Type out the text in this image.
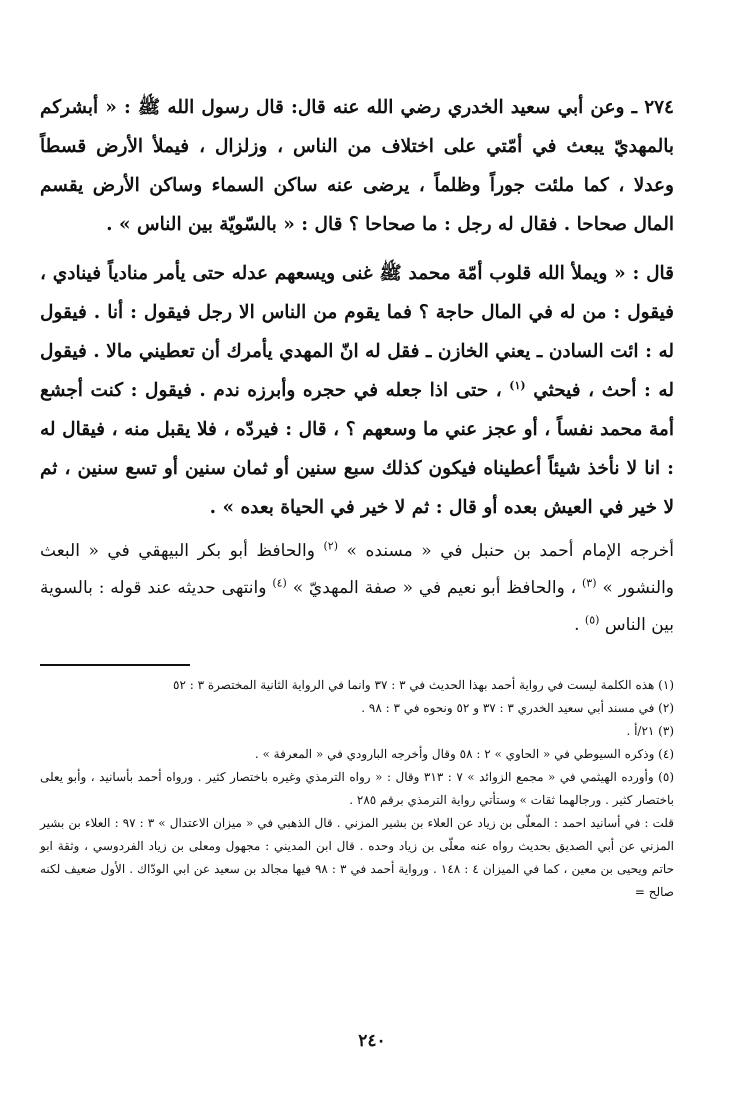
٢٧٤ ـ وعن أبي سعيد الخدري رضي الله عنه قال: قال رسول الله ﷺ : « أبشركم بالمهديّ يبعث في أمّتي على اختلاف من الناس ، وزلزال ، فيملأ الأرض قسطاً وعدلا ، كما ملئت جوراً وظلماً ، يرضى عنه ساكن السماء وساكن الأرض يقسم المال صحاحا . فقال له رجل : ما صحاحا ؟ قال : « بالسّويّة بين الناس » .

قال : « ويملأ الله قلوب أمّة محمد ﷺ غنى ويسعهم عدله حتى يأمر منادياً فينادي ، فيقول : من له في المال حاجة ؟ فما يقوم من الناس الا رجل فيقول : أنا . فيقول له : ائت السادن ـ يعني الخازن ـ فقل له انّ المهدي يأمرك أن تعطيني مالا . فيقول له : أحث ، فيحثي $^{(١)}$ ، حتى اذا جعله في حجره وأبرزه ندم . فيقول : كنت أجشع أمة محمد نفساً ، أو عجز عني ما وسعهم ؟ ، قال : فيردّه ، فلا يقبل منه ، فيقال له : انا لا نأخذ شيئاً أعطيناه فيكون كذلك سبع سنين أو ثمان سنين أو تسع سنين ، ثم لا خير في العيش بعده أو قال : ثم لا خير في الحياة بعده » .

أخرجه الإمام أحمد بن حنبل في « مسنده » $^{(٢)}$ والحافظ أبو بكر البيهقي في « البعث والنشور » $^{(٣)}$ ، والحافظ أبو نعيم في « صفة المهديّ » $^{(٤)}$ وانتهى حديثه عند قوله : بالسوية بين الناس $^{(٥)}$ .

(١) هذه الكلمة ليست في رواية أحمد بهذا الحديث في ٣ : ٣٧ وانما في الرواية الثانية المختصرة ٣ : ٥٢

(٢) في مسند أبي سعيد الخدري ٣ : ٣٧ و ٥٢ ونحوه في ٣ : ٩٨ .

(٣) ٢١/أ .

(٤) وذكره السيوطي في « الحاوي » ٢ : ٥٨ وقال وأخرجه البارودي في « المعرفة » .

(٥) وأورده الهيثمي في « مجمع الزوائد » ٧ : ٣١٣ وقال : « رواه الترمذي وغيره باختصار كثير . ورواه أحمد بأسانيد ، وأبو يعلى باختصار كثير . ورجالهما ثقات » وستأتي رواية الترمذي برقم ٢٨٥ .

قلت : في أسانيد احمد : المعلّى بن زياد عن العلاء بن بشير المزني . قال الذهبي في « ميزان الاعتدال » ٣ : ٩٧ : العلاء بن بشير المزني عن أبي الصديق بحديث رواه عنه معلّى بن زياد وحده . قال ابن المديني : مجهول ومعلى بن زياد الفردوسي ، وثقة ابو حاتم ويحيى بن معين ، كما في الميزان ٤ : ١٤٨ . ورواية أحمد في ٣ : ٩٨ فيها مجالد بن سعيد عن ابي الودّاك . الأول ضعيف لكنه صالح =

٢٤٠
